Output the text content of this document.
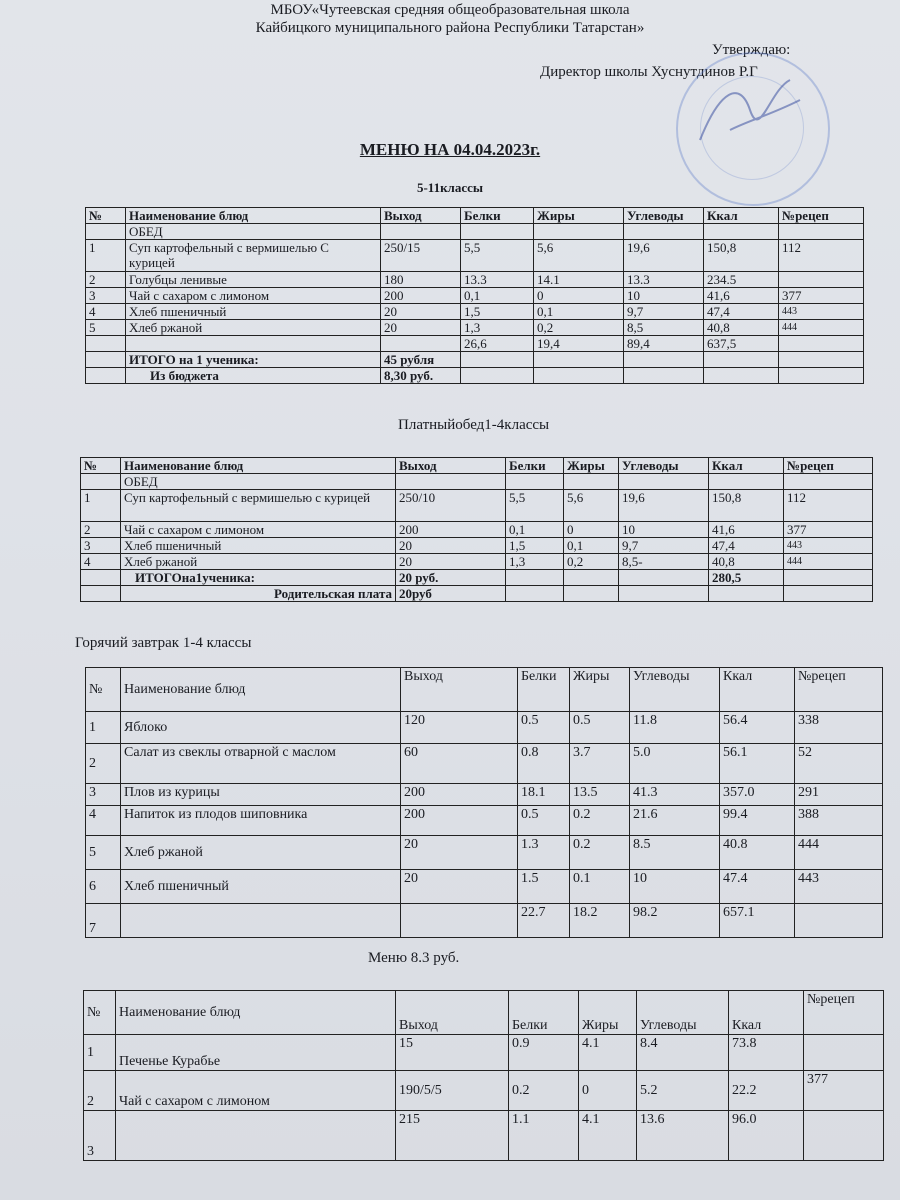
МБОУ«Чутеевская средняя общеобразовательная школа
Кайбицкого муниципального района Республики Татарстан»
Утверждаю:
Директор школы Хуснутдинов Р.Г
МЕНЮ НА 04.04.2023г.
5-11классы
№	Наименование блюд	Выход	Белки	Жиры	Углеводы	Ккал	№рецеп
	ОБЕД						
1	Суп картофельный с вермишелью С курицей	250/15	5,5	5,6	19,6	150,8	112
2	Голубцы ленивые	180	13.3	14.1	13.3	234.5	
3	Чай с сахаром с лимоном	200	0,1	0	10	41,6	377
4	Хлеб пшеничный	20	1,5	0,1	9,7	47,4	443
5	Хлеб ржаной	20	1,3	0,2	8,5	40,8	444
			26,6	19,4	89,4	637,5	
	ИТОГО на 1 ученика:	45 рубля					
	Из бюджета	8,30 руб.					
Платныйобед1-4классы
№	Наименование блюд	Выход	Белки	Жиры	Углеводы	Ккал	№рецеп
	ОБЕД						
1	Суп картофельный с вермишелью с курицей	250/10	5,5	5,6	19,6	150,8	112
2	Чай с сахаром с лимоном	200	0,1	0	10	41,6	377
3	Хлеб пшеничный	20	1,5	0,1	9,7	47,4	443
4	Хлеб ржаной	20	1,3	0,2	8,5-	40,8	444
	ИТОГОна1ученика:	20 руб.				280,5	
	Родительская плата	20руб					
Горячий завтрак 1-4 классы
№	Наименование блюд	Выход	Белки	Жиры	Углеводы	Ккал	№рецеп
1	Яблоко	120	0.5	0.5	11.8	56.4	338
2	Салат из свеклы отварной с маслом	60	0.8	3.7	5.0	56.1	52
3	Плов из курицы	200	18.1	13.5	41.3	357.0	291
4	Напиток из плодов шиповника	200	0.5	0.2	21.6	99.4	388
5	Хлеб ржаной	20	1.3	0.2	8.5	40.8	444
6	Хлеб пшеничный	20	1.5	0.1	10	47.4	443
7			22.7	18.2	98.2	657.1	
Меню 8.3 руб.
№	Наименование блюд	Выход	Белки	Жиры	Углеводы	Ккал	№рецеп
1	Печенье Курабье	15	0.9	4.1	8.4	73.8	
2	Чай с сахаром с лимоном	190/5/5	0.2	0	5.2	22.2	377
3		215	1.1	4.1	13.6	96.0	
